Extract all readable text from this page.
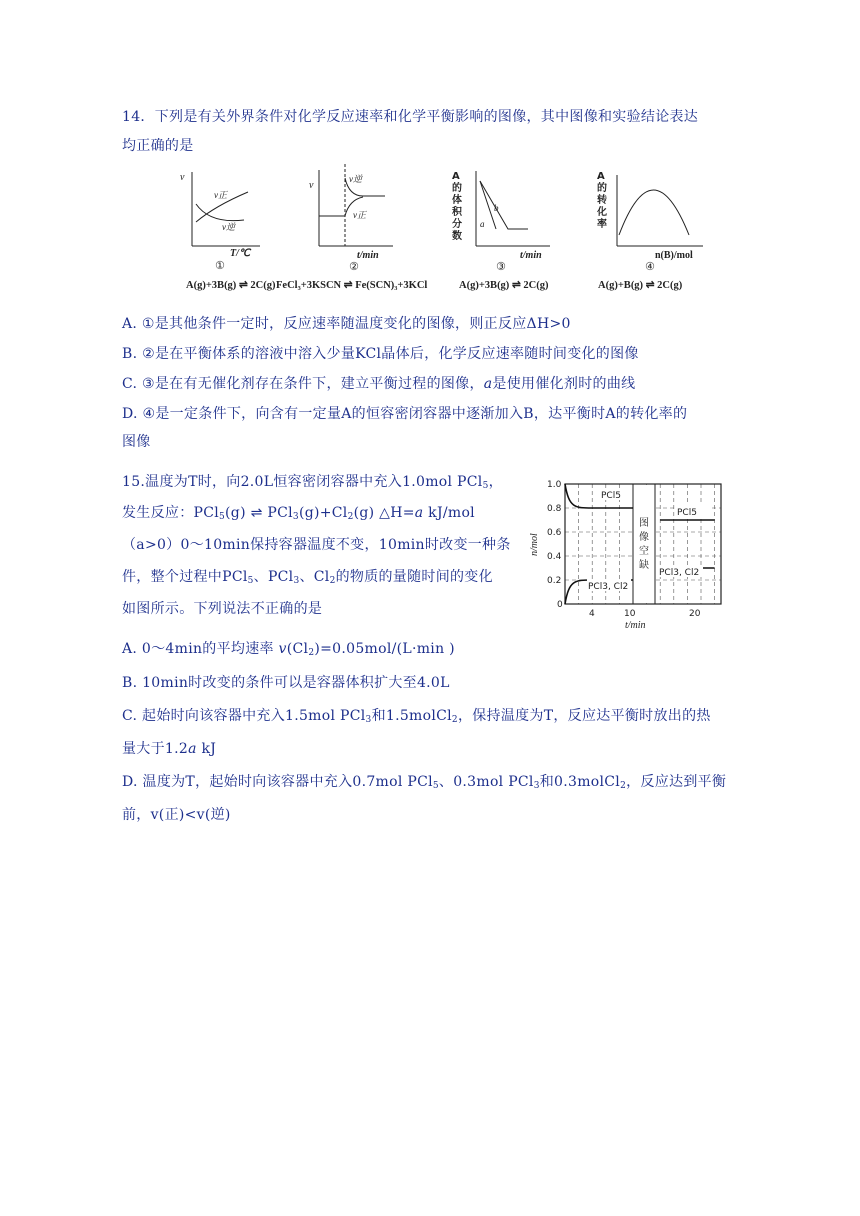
14．下列是有关外界条件对化学反应速率和化学平衡影响的图像，其中图像和实验结论表达
均正确的是
v
v正
v逆
T/℃
①
A(g)+3B(g) ⇌ 2C(g)
v
v逆
v正
t/min
②
FeCl₃+3KSCN ⇌ Fe(SCN)₃+3KCl
A
的
体
积
分
数
b
a
t/min
③
A(g)+3B(g) ⇌ 2C(g)
A
的
转
化
率
n(B)/mol
④
A(g)+B(g) ⇌ 2C(g)
A. ①是其他条件一定时，反应速率随温度变化的图像，则正反应ΔH>0
B. ②是在平衡体系的溶液中溶入少量KCl晶体后，化学反应速率随时间变化的图像
C. ③是在有无催化剂存在条件下，建立平衡过程的图像，a是使用催化剂时的曲线
D. ④是一定条件下，向含有一定量A的恒容密闭容器中逐渐加入B，达平衡时A的转化率的
图像
15.温度为T时，向2.0L恒容密闭容器中充入1.0mol PCl$_5$，
发生反应：PCl$_5$(g) ⇌ $PCl_3(g)+Cl_2(g)$ △H=a kJ/mol
（a>0）0～10min保持容器温度不变，10min时改变一种条
件，整个过程中PCl$_5$、PCl$_3$、$Cl_2$的物质的量随时间的变化
如图所示。下列说法不正确的是
1.0
0.8
0.6
0.4
0.2
0
4	10	20
t/min
n/mol
PCl5
PCl5
PCl3, Cl2
PCl3, Cl2
图
像
空
缺
A. 0～4min的平均速率 $v(Cl_2)=0.05mol/(L\cdot\min$ )
B. 10min时改变的条件可以是容器体积扩大至4.0L
C. 起始时向该容器中充入1.5mol PCl$_3$和1.5molCl$_2$，保持温度为T，反应达平衡时放出的热
量大于1.2a kJ
D. 温度为T，起始时向该容器中充入0.7mol PCl$_5$、0.3mol PCl$_3$和0.3molCl$_2$，反应达到平衡
前，v(正)<v(逆)
